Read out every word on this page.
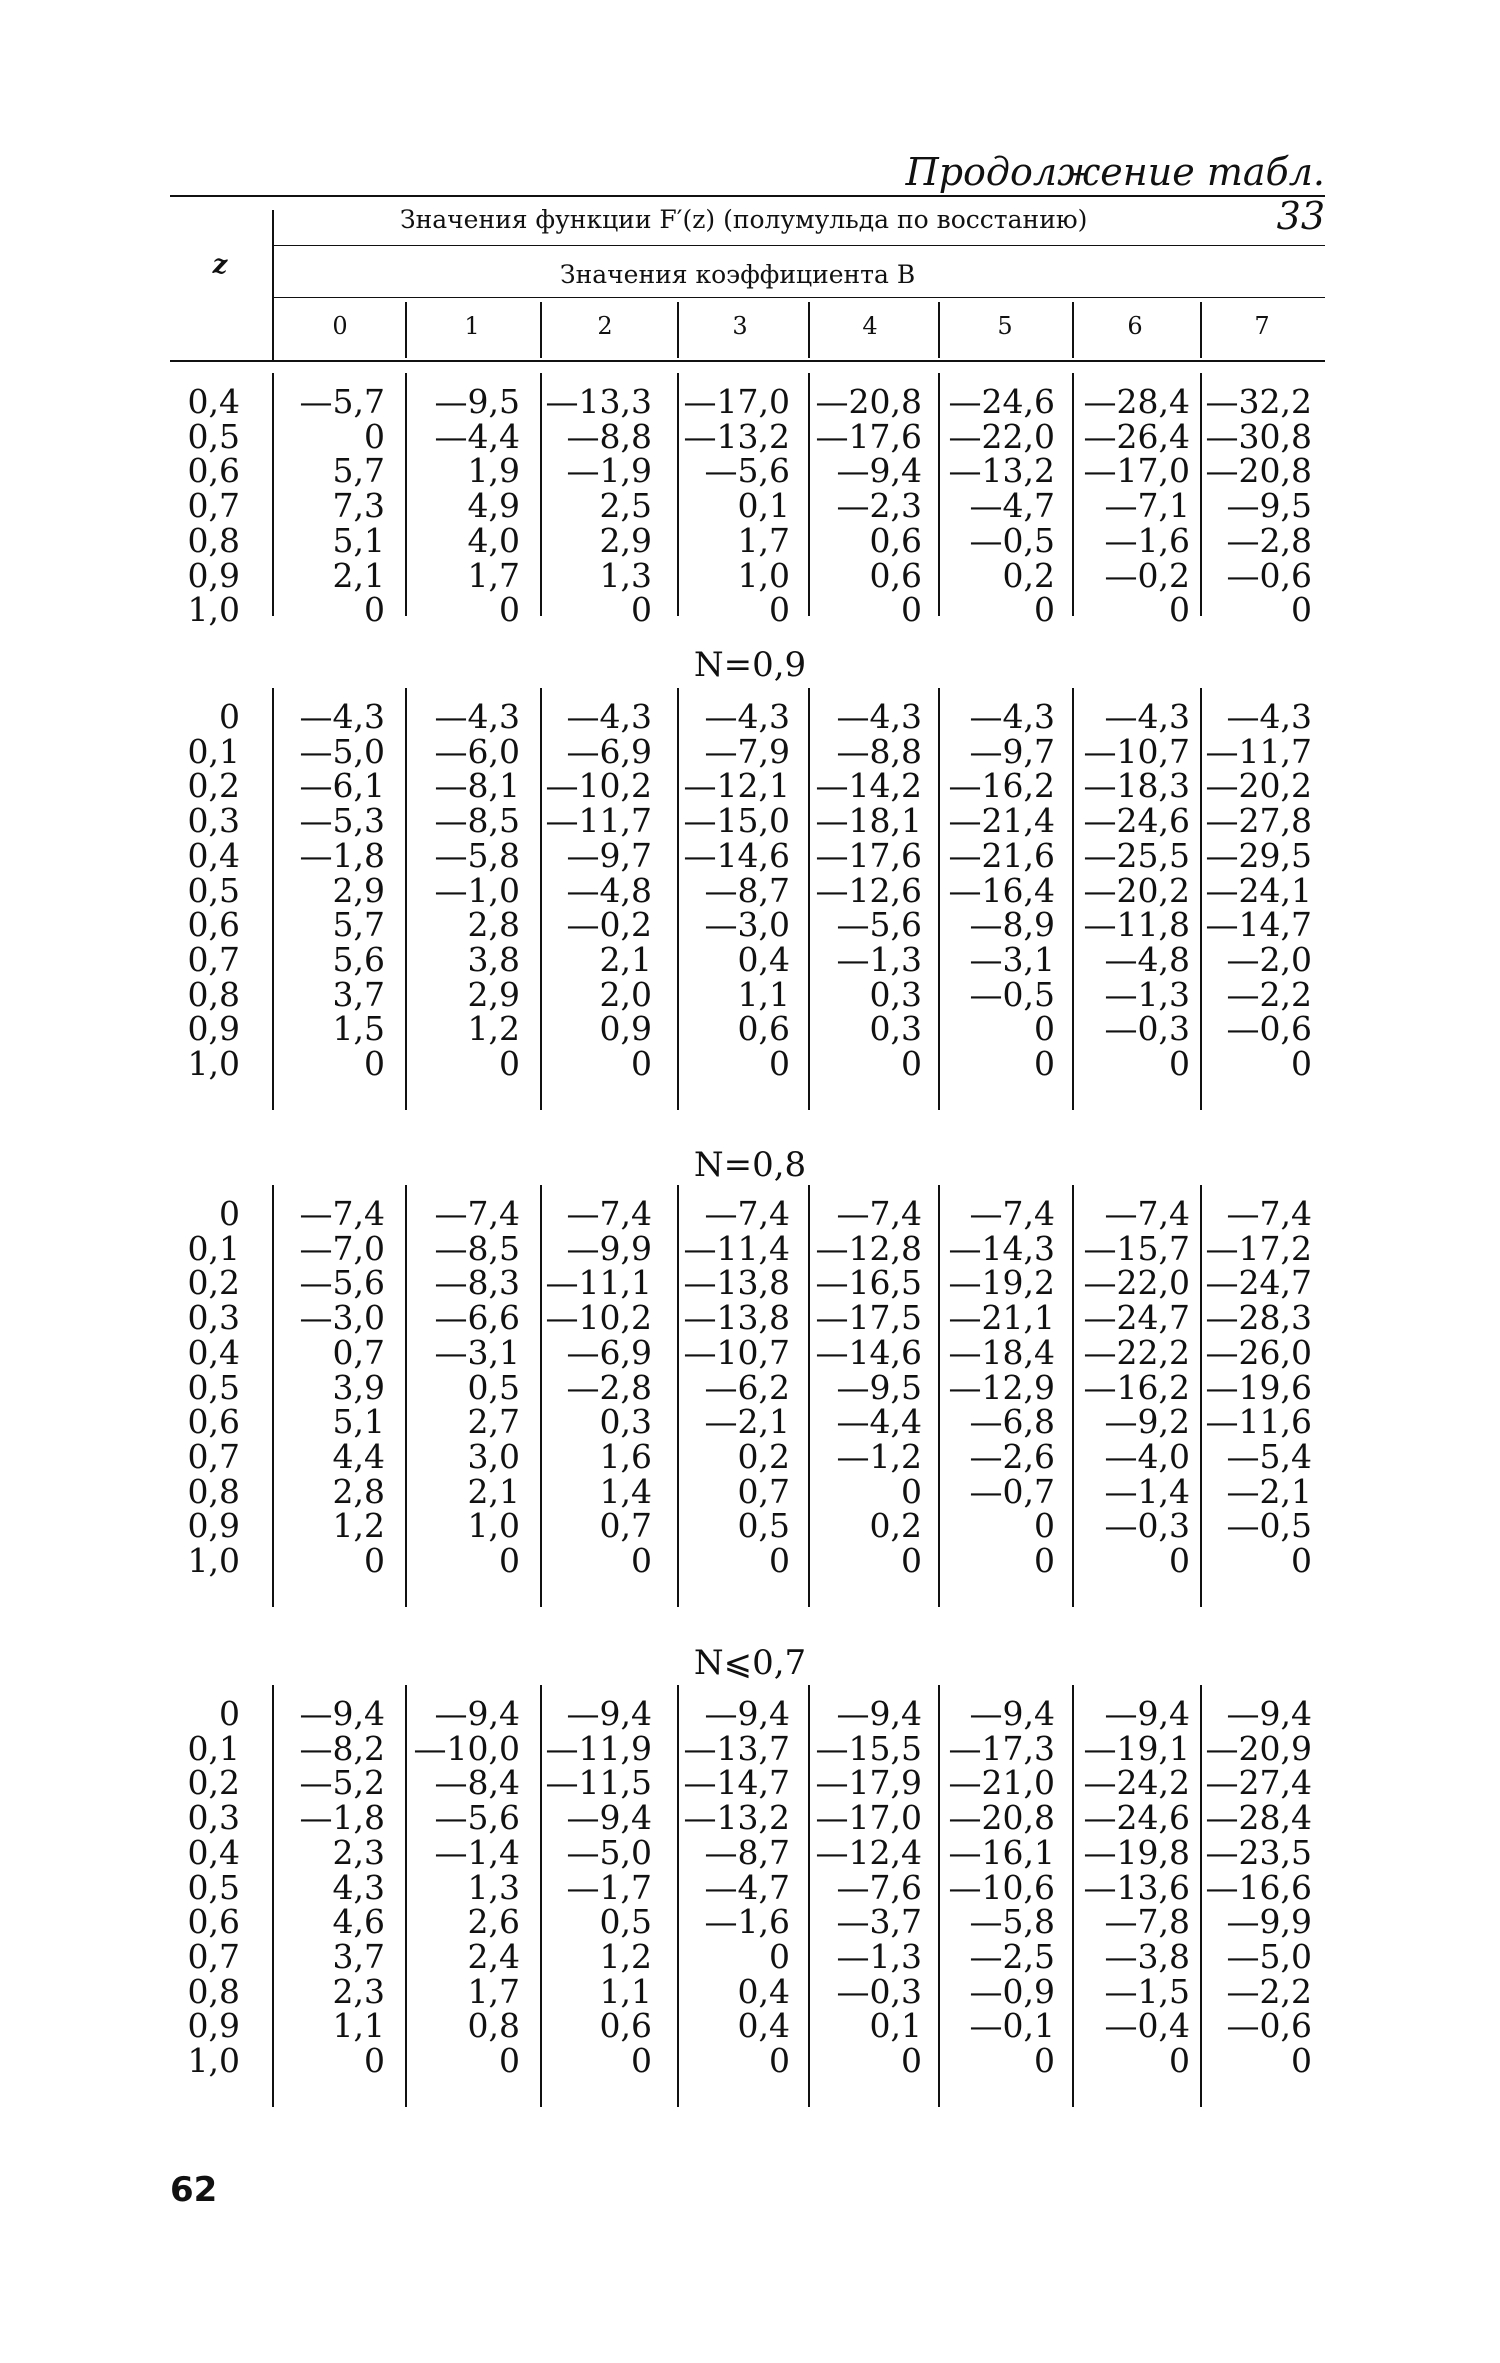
Продолжение табл. 33
z
Значения функции F′(z) (полумульда по восстанию)
Значения коэффициента B
0	1	2	3	4	5	6	7
0,4	—5,7	—9,5 —13,3 —17,0 —20,8 —24,6 —28,4 —32,2
0,5	0	—4,4	—8,8 —13,2 —17,6 —22,0 —26,4 —30,8
0,6	5,7	1,9	—1,9	—5,6	—9,4 —13,2 —17,0 —20,8
0,7	7,3	4,9	2,5	0,1	—2,3	—4,7	—7,1	—9,5
0,8	5,1	4,0	2,9	1,7	0,6	—0,5	—1,6	—2,8
0,9	2,1	1,7	1,3	1,0	0,6	0,2	—0,2	—0,6
1,0	0	0	0	0	0	0	0	0
N=0,9
0	—4,3	—4,3	—4,3	—4,3	—4,3	—4,3	—4,3	—4,3
0,1	—5,0	—6,0	—6,9	—7,9	—8,8	—9,7 —10,7 —11,7
0,2	—6,1	—8,1 —10,2 —12,1 —14,2 —16,2 —18,3 —20,2
0,3	—5,3	—8,5 —11,7 —15,0 —18,1 —21,4 —24,6 —27,8
0,4	—1,8	—5,8	—9,7 —14,6 —17,6 —21,6 —25,5 —29,5
0,5	2,9	—1,0	—4,8	—8,7 —12,6 —16,4 —20,2 —24,1
0,6	5,7	2,8	—0,2	—3,0	—5,6	—8,9 —11,8 —14,7
0,7	5,6	3,8	2,1	0,4	—1,3	—3,1	—4,8	—2,0
0,8	3,7	2,9	2,0	1,1	0,3	—0,5	—1,3	—2,2
0,9	1,5	1,2	0,9	0,6	0,3	0	—0,3	—0,6
1,0	0	0	0	0	0	0	0	0
N=0,8
0	—7,4	—7,4	—7,4	—7,4	—7,4	—7,4	—7,4	—7,4
0,1	—7,0	—8,5	—9,9 —11,4 —12,8 —14,3 —15,7 —17,2
0,2	—5,6	—8,3 —11,1 —13,8 —16,5 —19,2 —22,0 —24,7
0,3	—3,0	—6,6 —10,2 —13,8 —17,5 —21,1 —24,7 —28,3
0,4	0,7	—3,1	—6,9 —10,7 —14,6 —18,4 —22,2 —26,0
0,5	3,9	0,5	—2,8	—6,2	—9,5 —12,9 —16,2 —19,6
0,6	5,1	2,7	0,3	—2,1	—4,4	—6,8	—9,2 —11,6
0,7	4,4	3,0	1,6	0,2	—1,2	—2,6	—4,0	—5,4
0,8	2,8	2,1	1,4	0,7	0	—0,7	—1,4	—2,1
0,9	1,2	1,0	0,7	0,5	0,2	0	—0,3	—0,5
1,0	0	0	0	0	0	0	0	0
N⩽0,7
0	—9,4	—9,4	—9,4	—9,4	—9,4	—9,4	—9,4	—9,4
0,1	—8,2 —10,0 —11,9 —13,7 —15,5 —17,3 —19,1 —20,9
0,2	—5,2	—8,4 —11,5 —14,7 —17,9 —21,0 —24,2 —27,4
0,3	—1,8	—5,6	—9,4 —13,2 —17,0 —20,8 —24,6 —28,4
0,4	2,3	—1,4	—5,0	—8,7 —12,4 —16,1 —19,8 —23,5
0,5	4,3	1,3	—1,7	—4,7	—7,6 —10,6 —13,6 —16,6
0,6	4,6	2,6	0,5	—1,6	—3,7	—5,8	—7,8	—9,9
0,7	3,7	2,4	1,2	0	—1,3	—2,5	—3,8	—5,0
0,8	2,3	1,7	1,1	0,4	—0,3	—0,9	—1,5	—2,2
0,9	1,1	0,8	0,6	0,4	0,1	—0,1	—0,4	—0,6
1,0	0	0	0	0	0	0	0	0
62
